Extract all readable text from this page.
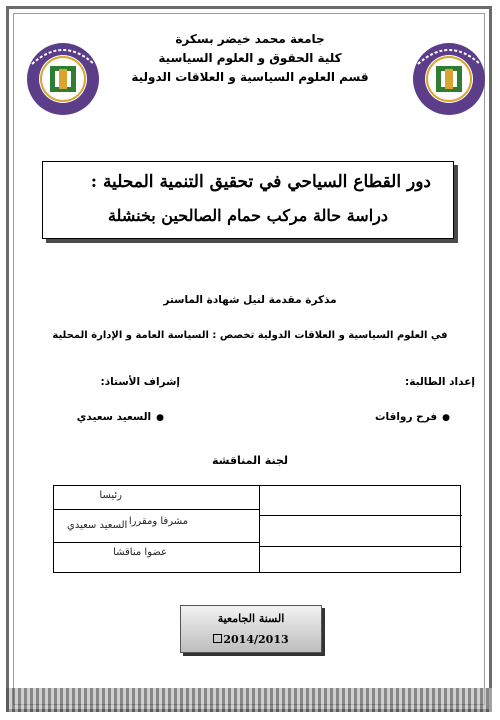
جامعة محمد خيضر بسكرة
كلية الحقوق و العلوم السياسية
قسم العلوم السياسية و العلاقات الدولية
دور القطاع السياحي في تحقيق التنمية المحلية :
دراسة حالة مركب حمام الصالحين بخنشلة
مذكرة مقدمة لنيل شهادة الماستر
في العلوم السياسية و العلاقات الدولية تخصص : السياسة العامة و الإدارة المحلية
إعداد الطالبة:
إشراف الأستاذ:
●فرح رواقات
●السعيد سعيدي
لجنة المناقشة
رئيسا
مشرفا ومقررا
عضوا مناقشا
السعيد سعيدي
السنة الجامعية
2014/2013
